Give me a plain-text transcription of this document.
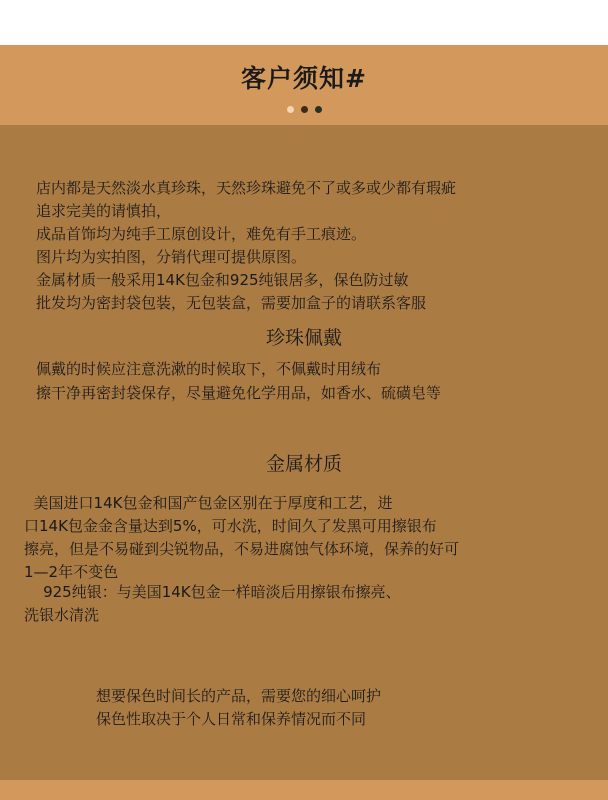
客户须知#
店内都是天然淡水真珍珠，天然珍珠避免不了或多或少都有瑕疵
追求完美的请慎拍，
成品首饰均为纯手工原创设计，难免有手工痕迹。
图片均为实拍图，分销代理可提供原图。
金属材质一般采用14K包金和925纯银居多，保色防过敏
批发均为密封袋包装，无包装盒，需要加盒子的请联系客服
珍珠佩戴
佩戴的时候应注意洗漱的时候取下，不佩戴时用绒布
擦干净再密封袋保存，尽量避免化学用品，如香水、硫磺皂等
金属材质
美国进口14K包金和国产包金区别在于厚度和工艺，进
口14K包金金含量达到5%，可水洗，时间久了发黑可用擦银布
擦亮，但是不易碰到尖锐物品，不易进腐蚀气体环境，保养的好可
1—2年不变色
925纯银：与美国14K包金一样暗淡后用擦银布擦亮、
洗银水清洗
想要保色时间长的产品，需要您的细心呵护
保色性取决于个人日常和保养情况而不同
